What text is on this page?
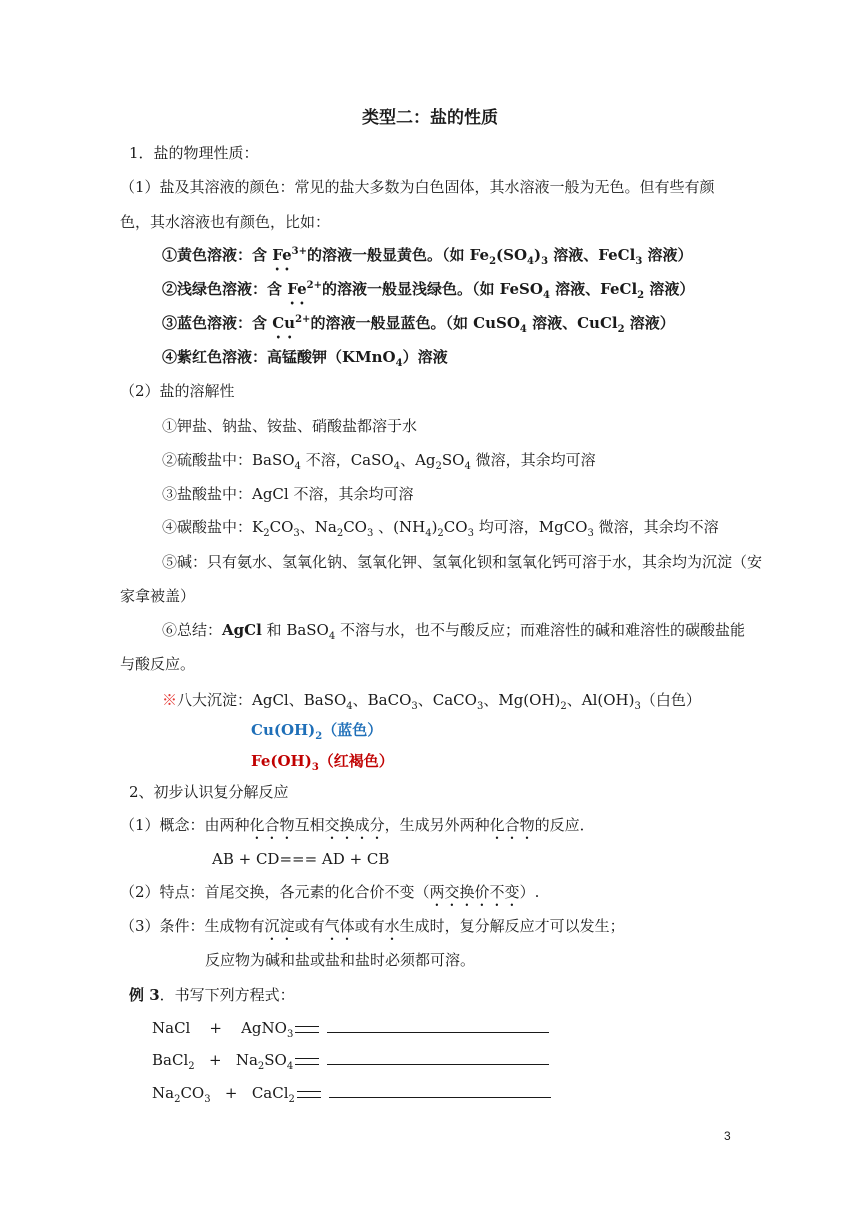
类型二：盐的性质
1．盐的物理性质：
（1）盐及其溶液的颜色：常见的盐大多数为白色固体，其水溶液一般为无色。但有些有颜
色，其水溶液也有颜色，比如：
①黄色溶液：含 $Fe^{3+}$的溶液一般显黄色。（如 $Fe_2(SO_4)_3$ 溶液、FeCl$_3$ 溶液）
②浅绿色溶液：含 $Fe^{2+}$的溶液一般显浅绿色。（如 FeSO$_4$ 溶液、FeCl$_2$ 溶液）
③蓝色溶液：含 $Cu^{2+}$的溶液一般显蓝色。（如 CuSO$_4$ 溶液、CuCl$_2$ 溶液）
④紫红色溶液：高锰酸钾（KMnO$_4$）溶液
（2）盐的溶解性
①钾盐、钠盐、铵盐、硝酸盐都溶于水
②硫酸盐中：BaSO$_4$ 不溶，CaSO$_4$、$Ag_2SO_4$ 微溶，其余均可溶
③盐酸盐中：AgCl 不溶，其余均可溶
④碳酸盐中：$K_2CO_3$、$Na_2CO_3$ 、$(NH_4)_2CO_3$ 均可溶，MgCO$_3$ 微溶，其余均不溶
⑤碱：只有氨水、氢氧化钠、氢氧化钾、氢氧化钡和氢氧化钙可溶于水，其余均为沉淀（安
家拿被盖）
⑥总结：AgCl 和 BaSO$_4$ 不溶与水，也不与酸反应；而难溶性的碱和难溶性的碳酸盐能
与酸反应。
※八大沉淀：AgCl、BaSO$_4$、BaCO$_3$、CaCO$_3$、$Mg(OH)_2$、$Al(OH)_3$（白色）
$Cu(OH)_2$（蓝色）
$Fe(OH)_3$（红褐色）
2、初步认识复分解反应
（1）概念：由两种化合物互相交换成分，生成另外两种化合物的反应．
AB + CD=== AD + CB
（2）特点：首尾交换，各元素的化合价不变（两交换价不变）.
（3）条件：生成物有沉淀或有气体或有水生成时，复分解反应才可以发生；
反应物为碱和盐或盐和盐时必须都可溶。
例 3．书写下列方程式：
NaCl + AgNO$_3$
BaCl$_2$ + $Na_2SO_4$
$Na_2CO_3$ + CaCl$_2$
3
